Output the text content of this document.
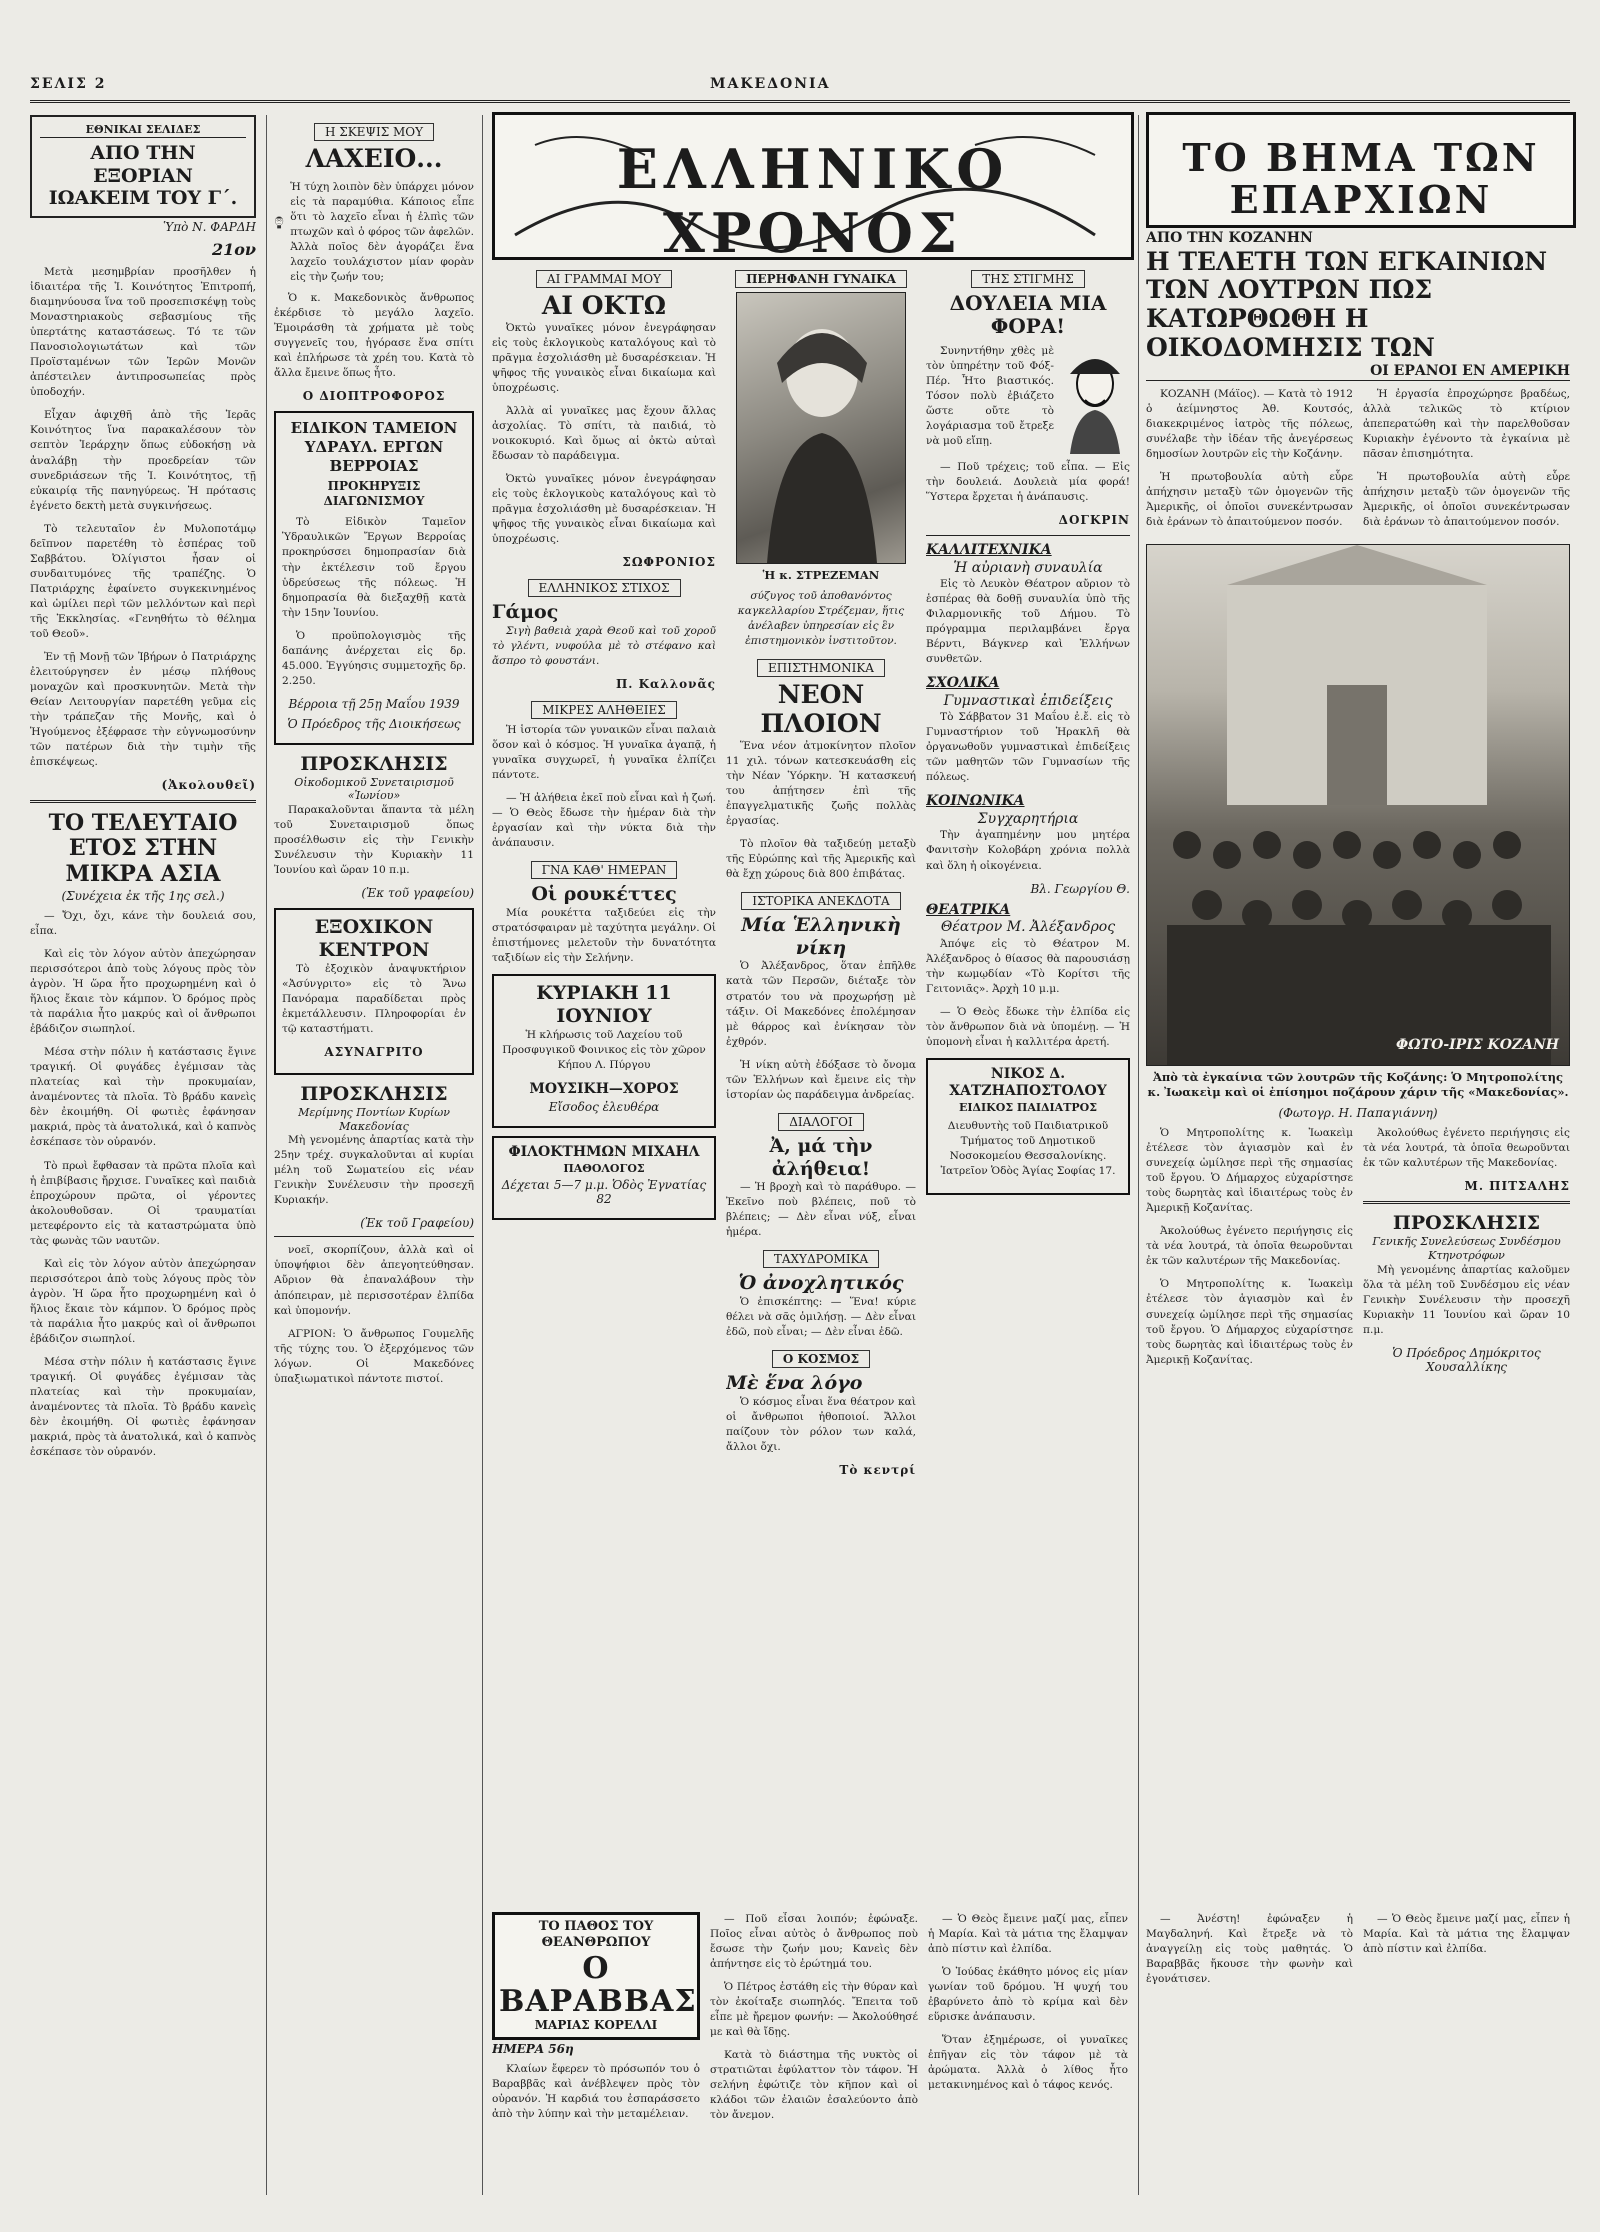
ΣΕΛΙΣ 2	ΜΑΚΕΔΟΝΙΑ
ΕΘΝΙΚΑΙ ΣΕΛΙΔΕΣ
ΑΠΟ ΤΗΝ ΕΞΟΡΙΑΝ ΙΩΑΚΕΙΜ ΤΟΥ Γ΄.
Ὑπὸ Ν. ΦΑΡΔΗ
21ον

Μετὰ μεσημβρίαν προσῆλθεν ἡ ἰδιαιτέρα τῆς Ἱ. Κοινότητος Ἐπιτροπή, διαμηνύουσα ἵνα τοῦ προσεπισκέψῃ τοὺς Μοναστηριακοὺς σεβασμίους τῆς ὑπερτάτης καταστάσεως. Τό τε τῶν Πανοσιολογιωτάτων καὶ τῶν Προϊσταμένων τῶν Ἱερῶν Μονῶν ἀπέστειλεν ἀντιπροσωπείας πρὸς ὑποδοχήν.

Εἶχαν ἀφιχθῆ ἀπὸ τῆς Ἱερᾶς Κοινότητος ἵνα παρακαλέσουν τὸν σεπτὸν Ἱεράρχην ὅπως εὐδοκήσῃ νὰ ἀναλάβῃ τὴν προεδρείαν τῶν συνεδριάσεων τῆς Ἱ. Κοινότητος, τῇ εὐκαιρίᾳ τῆς πανηγύρεως. Ἡ πρότασις ἐγένετο δεκτὴ μετὰ συγκινήσεως.

Τὸ τελευταῖον ἐν Μυλοποτάμῳ δεῖπνον παρετέθη τὸ ἑσπέρας τοῦ Σαββάτου. Ὀλίγιστοι ἦσαν οἱ συνδαιτυμόνες τῆς τραπέζης. Ὁ Πατριάρχης ἐφαίνετο συγκεκινημένος καὶ ὡμίλει περὶ τῶν μελλόντων καὶ περὶ τῆς Ἐκκλησίας. «Γενηθήτω τὸ θέλημα τοῦ Θεοῦ».

Ἐν τῇ Μονῇ τῶν Ἰβήρων ὁ Πατριάρχης ἐλειτούργησεν ἐν μέσῳ πλήθους μοναχῶν καὶ προσκυνητῶν. Μετὰ τὴν Θείαν Λειτουργίαν παρετέθη γεῦμα εἰς τὴν τράπεζαν τῆς Μονῆς, καὶ ὁ Ἡγούμενος ἐξέφρασε τὴν εὐγνωμοσύνην τῶν πατέρων διὰ τὴν τιμὴν τῆς ἐπισκέψεως.

(Ἀκολουθεῖ)
ΤΟ ΤΕΛΕΥΤΑΙΟ ΕΤΟΣ ΣΤΗΝ ΜΙΚΡΑ ΑΣΙΑ
(Συνέχεια ἐκ τῆς 1ης σελ.)

— Ὄχι, ὄχι, κάνε τὴν δουλειά σου, εἶπα.

Καὶ εἰς τὸν λόγον αὐτὸν ἀπεχώρησαν περισσότεροι ἀπὸ τοὺς λόγους πρὸς τὸν ἀγρὸν. Ἡ ὥρα ἦτο προχωρημένη καὶ ὁ ἥλιος ἔκαιε τὸν κάμπον. Ὁ δρόμος πρὸς τὰ παράλια ἦτο μακρύς καὶ οἱ ἄνθρωποι ἐβάδιζον σιωπηλοί.

Μέσα στὴν πόλιν ἡ κατάστασις ἔγινε τραγική. Οἱ φυγάδες ἐγέμισαν τὰς πλατείας καὶ τὴν προκυμαίαν, ἀναμένοντες τὰ πλοῖα. Τὸ βράδυ κανεὶς δὲν ἐκοιμήθη. Οἱ φωτιὲς ἐφάνησαν μακριά, πρὸς τὰ ἀνατολικά, καὶ ὁ καπνὸς ἐσκέπασε τὸν οὐρανόν.

Τὸ πρωὶ ἔφθασαν τὰ πρῶτα πλοῖα καὶ ἡ ἐπιβίβασις ἤρχισε. Γυναῖκες καὶ παιδιὰ ἐπροχώρουν πρῶτα, οἱ γέροντες ἀκολουθοῦσαν. Οἱ τραυματίαι μετεφέροντο εἰς τὰ καταστρώματα ὑπὸ τὰς φωνὰς τῶν ναυτῶν.

Καὶ εἰς τὸν λόγον αὐτὸν ἀπεχώρησαν περισσότεροι ἀπὸ τοὺς λόγους πρὸς τὸν ἀγρὸν. Ἡ ὥρα ἦτο προχωρημένη καὶ ὁ ἥλιος ἔκαιε τὸν κάμπον. Ὁ δρόμος πρὸς τὰ παράλια ἦτο μακρύς καὶ οἱ ἄνθρωποι ἐβάδιζον σιωπηλοί.

Μέσα στὴν πόλιν ἡ κατάστασις ἔγινε τραγική. Οἱ φυγάδες ἐγέμισαν τὰς πλατείας καὶ τὴν προκυμαίαν, ἀναμένοντες τὰ πλοῖα. Τὸ βράδυ κανεὶς δὲν ἐκοιμήθη. Οἱ φωτιὲς ἐφάνησαν μακριά, πρὸς τὰ ἀνατολικά, καὶ ὁ καπνὸς ἐσκέπασε τὸν οὐρανόν.

Η ΣΚΕΨΙΣ ΜΟΥ
ΛΑΧΕΙΟ...

Ἡ τύχη λοιπὸν δὲν ὑπάρχει μόνον εἰς τὰ παραμύθια. Κάποιος εἶπε ὅτι τὸ λαχεῖο εἶναι ἡ ἐλπὶς τῶν πτωχῶν καὶ ὁ φόρος τῶν ἀφελῶν. Ἀλλὰ ποῖος δὲν ἀγοράζει ἕνα λαχεῖο τουλάχιστον μίαν φορὰν εἰς τὴν ζωήν του;

Ὁ κ. Μακεδονικὸς ἄνθρωπος ἐκέρδισε τὸ μεγάλο λαχεῖο. Ἐμοιράσθη τὰ χρήματα μὲ τοὺς συγγενεῖς του, ἠγόρασε ἕνα σπίτι καὶ ἐπλήρωσε τὰ χρέη του. Κατὰ τὸ ἄλλα ἔμεινε ὅπως ἦτο.

Ο ΔΙΟΠΤΡΟΦΟΡΟΣ
ΕΙΔΙΚΟΝ ΤΑΜΕΙΟΝ ΥΔΡΑΥΛ. ΕΡΓΩΝ ΒΕΡΡΟΙΑΣ
ΠΡΟΚΗΡΥΞΙΣ ΔΙΑΓΩΝΙΣΜΟΥ

Τὸ Εἰδικὸν Ταμεῖον Ὑδραυλικῶν Ἔργων Βερροίας προκηρύσσει δημοπρασίαν διὰ τὴν ἐκτέλεσιν τοῦ ἔργου ὑδρεύσεως τῆς πόλεως. Ἡ δημοπρασία θὰ διεξαχθῇ κατὰ τὴν 15ην Ἰουνίου.

Ὁ προϋπολογισμὸς τῆς δαπάνης ἀνέρχεται εἰς δρ. 45.000. Ἐγγύησις συμμετοχῆς δρ. 2.250.

Βέρροια τῇ 25ῃ Μαΐου 1939
Ὁ Πρόεδρος τῆς Διοικήσεως
ΠΡΟΣΚΛΗΣΙΣ
Οἰκοδομικοῦ Συνεταιρισμοῦ «Ἰωνίου»

Παρακαλοῦνται ἅπαντα τὰ μέλη τοῦ Συνεταιρισμοῦ ὅπως προσέλθωσιν εἰς τὴν Γενικὴν Συνέλευσιν τὴν Κυριακὴν 11 Ἰουνίου καὶ ὥραν 10 π.μ.

(Ἐκ τοῦ γραφείου)
ΕΞΟΧΙΚΟΝ ΚΕΝΤΡΟΝ

Τὸ ἐξοχικὸν ἀναψυκτήριον «Ἀσύνγριτο» εἰς τὸ Ἄνω Πανόραμα παραδίδεται πρὸς ἐκμετάλλευσιν. Πληροφορίαι ἐν τῷ καταστήματι.

ΑΣΥΝΑΓΡΙΤΟ
ΠΡΟΣΚΛΗΣΙΣ
Μερίμνης Ποντίων Κυρίων Μακεδονίας

Μὴ γενομένης ἀπαρτίας κατὰ τὴν 25ην τρέχ. συγκαλοῦνται αἱ κυρίαι μέλη τοῦ Σωματείου εἰς νέαν Γενικὴν Συνέλευσιν τὴν προσεχῆ Κυριακήν.

(Ἐκ τοῦ Γραφείου)

νοεῖ, σκορπίζουν, ἀλλὰ καὶ οἱ ὑποψήφιοι δὲν ἀπεγοητεύθησαν. Αὔριον θὰ ἐπαναλάβουν τὴν ἀπόπειραν, μὲ περισσοτέραν ἐλπίδα καὶ ὑπομονήν.

ΑΓΡΙΟΝ: Ὁ ἄνθρωπος Γουμελῆς τῆς τύχης του. Ὁ ἐξερχόμενος τῶν λόγων. Οἱ Μακεδόνες ὑπαξιωματικοὶ πάντοτε πιστοί.

ΕΛΛΗΝΙΚΟ ΧΡΟΝΟΣ
ΑΙ ΓΡΑΜΜΑΙ ΜΟΥ
ΑΙ ΟΚΤΩ

Ὀκτὼ γυναῖκες μόνον ἐνεγράφησαν εἰς τοὺς ἐκλογικοὺς καταλόγους καὶ τὸ πρᾶγμα ἐσχολιάσθη μὲ δυσαρέσκειαν. Ἡ ψῆφος τῆς γυναικὸς εἶναι δικαίωμα καὶ ὑποχρέωσις.

Ἀλλὰ αἱ γυναῖκες μας ἔχουν ἄλλας ἀσχολίας. Τὸ σπίτι, τὰ παιδιά, τὸ νοικοκυριό. Καὶ ὅμως αἱ ὀκτὼ αὐταὶ ἔδωσαν τὸ παράδειγμα.

Ὀκτὼ γυναῖκες μόνον ἐνεγράφησαν εἰς τοὺς ἐκλογικοὺς καταλόγους καὶ τὸ πρᾶγμα ἐσχολιάσθη μὲ δυσαρέσκειαν. Ἡ ψῆφος τῆς γυναικὸς εἶναι δικαίωμα καὶ ὑποχρέωσις.

ΣΩΦΡΟΝΙΟΣ
ΕΛΛΗΝΙΚΟΣ ΣΤΙΧΟΣ
Γάμος

Σιγὴ βαθειὰ χαρὰ Θεοῦ καὶ τοῦ χοροῦ τὸ γλέντι, νυφούλα μὲ τὸ στέφανο καὶ ἄσπρο τὸ φουστάνι.

Π. Καλλονᾶς
ΜΙΚΡΕΣ ΑΛΗΘΕΙΕΣ

Ἡ ἱστορία τῶν γυναικῶν εἶναι παλαιὰ ὅσον καὶ ὁ κόσμος. Ἡ γυναῖκα ἀγαπᾷ, ἡ γυναῖκα συγχωρεῖ, ἡ γυναῖκα ἐλπίζει πάντοτε.

— Ἡ ἀλήθεια ἐκεῖ ποὺ εἶναι καὶ ἡ ζωή. — Ὁ Θεὸς ἔδωσε τὴν ἡμέραν διὰ τὴν ἐργασίαν καὶ τὴν νύκτα διὰ τὴν ἀνάπαυσιν.

ΓΝΑ ΚΑΘ' ΗΜΕΡΑΝ
Οἱ ρουκέττες

Μία ρουκέττα ταξιδεύει εἰς τὴν στρατόσφαιραν μὲ ταχύτητα μεγάλην. Οἱ ἐπιστήμονες μελετοῦν τὴν δυνατότητα ταξιδίων εἰς τὴν Σελήνην.

ΚΥΡΙΑΚΗ 11 ΙΟΥΝΙΟΥ

Ἡ κλήρωσις τοῦ Λαχείου τοῦ Προσφυγικοῦ Φοινικος εἰς τὸν χῶρον Κήπου Λ. Πύργου

ΜΟΥΣΙΚΗ—ΧΟΡΟΣ
Εἴσοδος ἐλευθέρα
ΦΙΛΟΚΤΗΜΩΝ ΜΙΧΑΗΛ
ΠΑΘΟΛΟΓΟΣ
Δέχεται 5—7 μ.μ. Ὁδὸς Ἐγνατίας 82
ΠΕΡΗΦΑΝΗ ΓΥΝΑΙΚΑ
Ἡ κ. ΣΤΡΕΖΕΜΑΝ

σύζυγος τοῦ ἀποθανόντος καγκελλαρίου Στρέζεμαν, ἥτις ἀνέλαβεν ὑπηρεσίαν εἰς ἓν ἐπιστημονικὸν ἰνστιτοῦτον.

ΕΠΙΣΤΗΜΟΝΙΚΑ
ΝΕΟΝ ΠΛΟΙΟΝ

Ἕνα νέον ἀτμοκίνητον πλοῖον 11 χιλ. τόνων κατεσκευάσθη εἰς τὴν Νέαν Ὑόρκην. Ἡ κατασκευή του ἀπῄτησεν ἐπὶ τῆς ἐπαγγελματικῆς ζωῆς πολλὰς ἐργασίας.

Τὸ πλοῖον θὰ ταξιδεύῃ μεταξὺ τῆς Εὐρώπης καὶ τῆς Ἀμερικῆς καὶ θὰ ἔχῃ χώρους διὰ 800 ἐπιβάτας.

ΙΣΤΟΡΙΚΑ ΑΝΕΚΔΟΤΑ
Μία Ἑλληνικὴ νίκη

Ὁ Ἀλέξανδρος, ὅταν ἐπῆλθε κατὰ τῶν Περσῶν, διέταξε τὸν στρατόν του νὰ προχωρήσῃ μὲ τάξιν. Οἱ Μακεδόνες ἐπολέμησαν μὲ θάρρος καὶ ἐνίκησαν τὸν ἐχθρόν.

Ἡ νίκη αὐτὴ ἐδόξασε τὸ ὄνομα τῶν Ἑλλήνων καὶ ἔμεινε εἰς τὴν ἱστορίαν ὡς παράδειγμα ἀνδρείας.

ΔΙΑΛΟΓΟΙ
Ἀ, μά τὴν ἀλήθεια!

— Ἡ βροχὴ καὶ τὸ παράθυρο. — Ἐκεῖνο ποὺ βλέπεις, ποῦ τὸ βλέπεις; — Δὲν εἶναι νύξ, εἶναι ἡμέρα.

ΤΑΧΥΔΡΟΜΙΚΑ
Ὁ ἀνοχλητικός

Ὁ ἐπισκέπτης: — Ἕνα! κύριε θέλει νὰ σᾶς ὁμιλήσῃ. — Δὲν εἶναι ἐδῶ, ποὺ εἶναι; — Δὲν εἶναι ἐδῶ.

Ο ΚΟΣΜΟΣ
Μὲ ἕνα λόγο

Ὁ κόσμος εἶναι ἕνα θέατρον καὶ οἱ ἄνθρωποι ἠθοποιοί. Ἄλλοι παίζουν τὸν ρόλον των καλά, ἄλλοι ὄχι.

Τὸ κεντρί
ΤΗΣ ΣΤΙΓΜΗΣ
ΔΟΥΛΕΙΑ ΜΙΑ ΦΟΡΑ!

Συνηντήθην χθὲς μὲ τὸν ὑπηρέτην τοῦ Φόξ-Πέρ. Ἦτο βιαστικός. Τόσον πολὺ ἐβιάζετο ὥστε οὔτε τὸ λογάριασμα τοῦ ἔτρεξε νὰ μοῦ εἴπῃ.

— Ποῦ τρέχεις; τοῦ εἶπα. — Εἰς τὴν δουλειά. Δουλειὰ μία φορά! Ὕστερα ἔρχεται ἡ ἀνάπαυσις.

ΔΟΓΚΡΙΝ
ΚΑΛΛΙΤΕΧΝΙΚΑ
Ἡ αὐριανὴ συναυλία

Εἰς τὸ Λευκὸν Θέατρον αὔριον τὸ ἑσπέρας θὰ δοθῇ συναυλία ὑπὸ τῆς Φιλαρμονικῆς τοῦ Δήμου. Τὸ πρόγραμμα περιλαμβάνει ἔργα Βέρντι, Βάγκνερ καὶ Ἑλλήνων συνθετῶν.

ΣΧΟΛΙΚΑ
Γυμναστικαὶ ἐπιδείξεις

Τὸ Σάββατον 31 Μαΐου ἐ.ἔ. εἰς τὸ Γυμναστήριον τοῦ Ἡρακλῆ θὰ ὀργανωθοῦν γυμναστικαὶ ἐπιδείξεις τῶν μαθητῶν τῶν Γυμνασίων τῆς πόλεως.

ΚΟΙΝΩΝΙΚΑ
Συγχαρητήρια

Τὴν ἀγαπημένην μου μητέρα Φανιτσὴν Κολοβάρη χρόνια πολλὰ καὶ ὅλη ἡ οἰκογένεια.

Βλ. Γεωργίου Θ.
ΘΕΑΤΡΙΚΑ
Θέατρον Μ. Ἀλέξανδρος

Ἀπόψε εἰς τὸ Θέατρον Μ. Ἀλέξανδρος ὁ θίασος θὰ παρουσιάσῃ τὴν κωμῳδίαν «Τὸ Κορίτσι τῆς Γειτονιᾶς». Ἀρχὴ 10 μ.μ.

— Ὁ Θεὸς ἔδωκε τὴν ἐλπίδα εἰς τὸν ἄνθρωπον διὰ νὰ ὑπομένῃ. — Ἡ ὑπομονὴ εἶναι ἡ καλλιτέρα ἀρετή.

ΝΙΚΟΣ Δ. ΧΑΤΖΗΑΠΟΣΤΟΛΟΥ
ΕΙΔΙΚΟΣ ΠΑΙΔΙΑΤΡΟΣ

Διευθυντὴς τοῦ Παιδιατρικοῦ Τμήματος τοῦ Δημοτικοῦ Νοσοκομείου Θεσσαλονίκης. Ἰατρεῖον Ὁδὸς Ἁγίας Σοφίας 17.

ΤΟ ΠΑΘΟΣ ΤΟΥ ΘΕΑΝΘΡΩΠΟΥ
Ο ΒΑΡΑΒΒΑΣ
ΜΑΡΙΑΣ ΚΟΡΕΛΛΙ
ΗΜΕΡΑ 56η

Κλαίων ἔφερεν τὸ πρόσωπόν του ὁ Βαραββᾶς καὶ ἀνέβλεψεν πρὸς τὸν οὐρανόν. Ἡ καρδιά του ἐσπαράσσετο ἀπὸ τὴν λύπην καὶ τὴν μεταμέλειαν.

— Ποῦ εἶσαι λοιπόν; ἐφώναξε. Ποῖος εἶναι αὐτὸς ὁ ἄνθρωπος ποὺ ἔσωσε τὴν ζωήν μου; Κανεὶς δὲν ἀπήντησε εἰς τὸ ἐρώτημά του.

Ὁ Πέτρος ἐστάθη εἰς τὴν θύραν καὶ τὸν ἐκοίταξε σιωπηλός. Ἔπειτα τοῦ εἶπε μὲ ἤρεμον φωνήν: — Ἀκολούθησέ με καὶ θὰ ἴδῃς.

Κατὰ τὸ διάστημα τῆς νυκτὸς οἱ στρατιῶται ἐφύλαττον τὸν τάφον. Ἡ σελήνη ἐφώτιζε τὸν κῆπον καὶ οἱ κλάδοι τῶν ἐλαιῶν ἐσαλεύοντο ἀπὸ τὸν ἄνεμον.

— Ὁ Θεὸς ἔμεινε μαζί μας, εἶπεν ἡ Μαρία. Καὶ τὰ μάτια της ἔλαμψαν ἀπὸ πίστιν καὶ ἐλπίδα.

Ὁ Ἰούδας ἐκάθητο μόνος εἰς μίαν γωνίαν τοῦ δρόμου. Ἡ ψυχή του ἐβαρύνετο ἀπὸ τὸ κρίμα καὶ δὲν εὕρισκε ἀνάπαυσιν.

Ὅταν ἐξημέρωσε, οἱ γυναῖκες ἐπῆγαν εἰς τὸν τάφον μὲ τὰ ἀρώματα. Ἀλλὰ ὁ λίθος ἦτο μετακινημένος καὶ ὁ τάφος κενός.

ΤΟ ΒΗΜΑ ΤΩΝ ΕΠΑΡΧΙΩΝ
ΑΠΟ ΤΗΝ ΚΟΖΑΝΗΝ
Η ΤΕΛΕΤΗ ΤΩΝ ΕΓΚΑΙΝΙΩΝ ΤΩΝ ΛΟΥΤΡΩΝ ΠΩΣ ΚΑΤΩΡΘΩΘΗ Η ΟΙΚΟΔΟΜΗΣΙΣ ΤΩΝ
ΟΙ ΕΡΑΝΟΙ ΕΝ ΑΜΕΡΙΚΗ

ΚΟΖΑΝΗ (Μάϊος). — Κατὰ τὸ 1912 ὁ ἀείμνηστος Ἀθ. Κουτσός, διακεκριμένος ἰατρὸς τῆς πόλεως, συνέλαβε τὴν ἰδέαν τῆς ἀνεγέρσεως δημοσίων λουτρῶν εἰς τὴν Κοζάνην.

Ἡ πρωτοβουλία αὐτὴ εὗρε ἀπήχησιν μεταξὺ τῶν ὁμογενῶν τῆς Ἀμερικῆς, οἱ ὁποῖοι συνεκέντρωσαν διὰ ἐράνων τὸ ἀπαιτούμενον ποσόν.

Ἡ ἐργασία ἐπροχώρησε βραδέως, ἀλλὰ τελικῶς τὸ κτίριον ἀπεπερατώθη καὶ τὴν παρελθοῦσαν Κυριακὴν ἐγένοντο τὰ ἐγκαίνια μὲ πᾶσαν ἐπισημότητα.

Ἡ πρωτοβουλία αὐτὴ εὗρε ἀπήχησιν μεταξὺ τῶν ὁμογενῶν τῆς Ἀμερικῆς, οἱ ὁποῖοι συνεκέντρωσαν διὰ ἐράνων τὸ ἀπαιτούμενον ποσόν.

ΦΩΤΟ-ΙΡΙΣ ΚΟΖΑΝΗ
Ἀπὸ τὰ ἐγκαίνια τῶν λουτρῶν τῆς Κοζάνης: Ὁ Μητροπολίτης κ. Ἰωακεὶμ καὶ οἱ ἐπίσημοι ποζάρουν χάριν τῆς «Μακεδονίας».
(Φωτογρ. Η. Παπαγιάννη)

Ὁ Μητροπολίτης κ. Ἰωακεὶμ ἐτέλεσε τὸν ἁγιασμὸν καὶ ἐν συνεχείᾳ ὡμίλησε περὶ τῆς σημασίας τοῦ ἔργου. Ὁ Δήμαρχος εὐχαρίστησε τοὺς δωρητὰς καὶ ἰδιαιτέρως τοὺς ἐν Ἀμερικῇ Κοζανίτας.

Ἀκολούθως ἐγένετο περιήγησις εἰς τὰ νέα λουτρά, τὰ ὁποῖα θεωροῦνται ἐκ τῶν καλυτέρων τῆς Μακεδονίας.

Ὁ Μητροπολίτης κ. Ἰωακεὶμ ἐτέλεσε τὸν ἁγιασμὸν καὶ ἐν συνεχείᾳ ὡμίλησε περὶ τῆς σημασίας τοῦ ἔργου. Ὁ Δήμαρχος εὐχαρίστησε τοὺς δωρητὰς καὶ ἰδιαιτέρως τοὺς ἐν Ἀμερικῇ Κοζανίτας.

Ἀκολούθως ἐγένετο περιήγησις εἰς τὰ νέα λουτρά, τὰ ὁποῖα θεωροῦνται ἐκ τῶν καλυτέρων τῆς Μακεδονίας.

Μ. ΠΙΤΣΑΛΗΣ
ΠΡΟΣΚΛΗΣΙΣ
Γενικῆς Συνελεύσεως Συνδέσμου Κτηνοτρόφων

Μὴ γενομένης ἀπαρτίας καλοῦμεν ὅλα τὰ μέλη τοῦ Συνδέσμου εἰς νέαν Γενικὴν Συνέλευσιν τὴν προσεχῆ Κυριακὴν 11 Ἰουνίου καὶ ὥραν 10 π.μ.

Ὁ Πρόεδρος Δημόκριτος Χουσαλλίκης

— Ἀνέστη! ἐφώναξεν ἡ Μαγδαληνή. Καὶ ἔτρεξε νὰ τὸ ἀναγγείλῃ εἰς τοὺς μαθητάς. Ὁ Βαραββᾶς ἤκουσε τὴν φωνὴν καὶ ἐγονάτισεν.

— Ὁ Θεὸς ἔμεινε μαζί μας, εἶπεν ἡ Μαρία. Καὶ τὰ μάτια της ἔλαμψαν ἀπὸ πίστιν καὶ ἐλπίδα.
